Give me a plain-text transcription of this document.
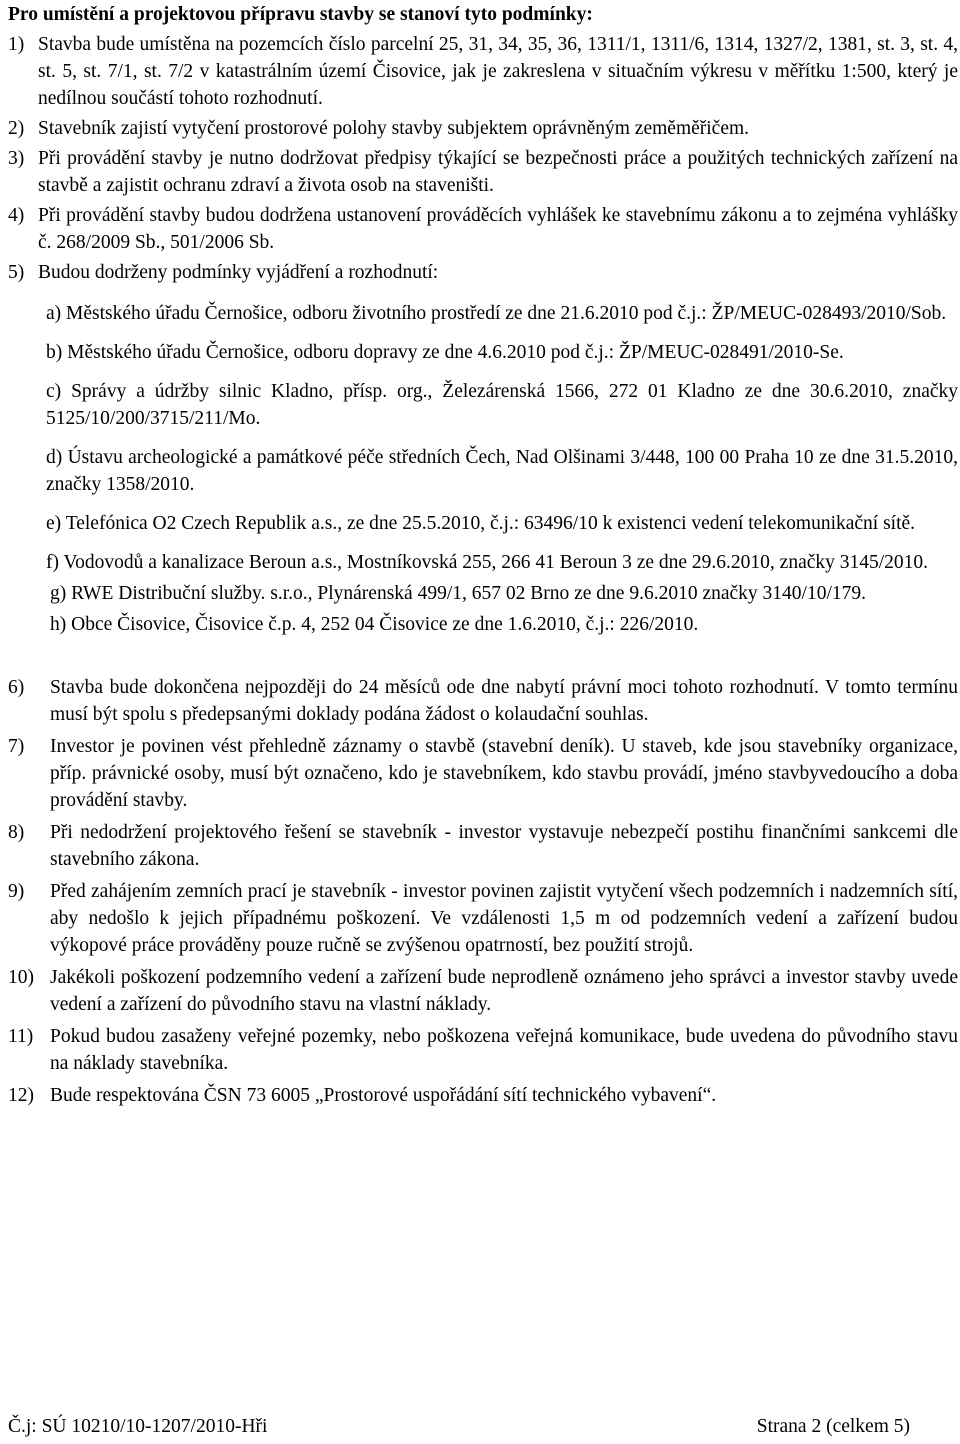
Pro umístění a projektovou přípravu stavby se stanoví tyto podmínky:

1) Stavba bude umístěna na pozemcích číslo parcelní 25, 31, 34, 35, 36, 1311/1, 1311/6, 1314, 1327/2, 1381, st. 3, st. 4, st. 5, st. 7/1, st. 7/2 v katastrálním území Čisovice, jak je zakreslena v situačním výkresu v měřítku 1:500, který je nedílnou součástí tohoto rozhodnutí.
2) Stavebník zajistí vytyčení prostorové polohy stavby subjektem oprávněným zeměměřičem.
3) Při provádění stavby je nutno dodržovat předpisy týkající se bezpečnosti práce a použitých technických zařízení na stavbě a zajistit ochranu zdraví a života osob na staveništi.
4) Při provádění stavby budou dodržena ustanovení prováděcích vyhlášek ke stavebnímu zákonu a to zejména vyhlášky č. 268/2009 Sb., 501/2006 Sb.
5) Budou dodrženy podmínky vyjádření a rozhodnutí:
a) Městského úřadu Černošice, odboru životního prostředí ze dne 21.6.2010 pod č.j.: ŽP/MEUC-028493/2010/Sob.
b) Městského úřadu Černošice, odboru dopravy ze dne 4.6.2010 pod č.j.: ŽP/MEUC-028491/2010-Se.
c) Správy a údržby silnic Kladno, přísp. org., Železárenská 1566, 272 01 Kladno ze dne 30.6.2010, značky 5125/10/200/3715/211/Mo.
d) Ústavu archeologické a památkové péče středních Čech, Nad Olšinami 3/448, 100 00 Praha 10 ze dne 31.5.2010, značky 1358/2010.
e) Telefónica O2 Czech Republik a.s., ze dne 25.5.2010, č.j.: 63496/10 k existenci vedení telekomunikační sítě.
f) Vodovodů a kanalizace Beroun a.s., Mostníkovská 255, 266 41 Beroun 3 ze dne 29.6.2010, značky 3145/2010.
g) RWE Distribuční služby. s.r.o., Plynárenská 499/1, 657 02 Brno ze dne 9.6.2010 značky 3140/10/179.
h) Obce Čisovice, Čisovice č.p. 4, 252 04 Čisovice ze dne 1.6.2010, č.j.: 226/2010.
6) Stavba bude dokončena nejpozději do 24 měsíců ode dne nabytí právní moci tohoto rozhodnutí. V tomto termínu musí být spolu s předepsanými doklady podána žádost o kolaudační souhlas.
7) Investor je povinen vést přehledně záznamy o stavbě (stavební deník). U staveb, kde jsou stavebníky organizace, příp. právnické osoby, musí být označeno, kdo je stavebníkem, kdo stavbu provádí, jméno stavbyvedoucího a doba provádění stavby.
8) Při nedodržení projektového řešení se stavebník - investor vystavuje nebezpečí postihu finančními sankcemi dle stavebního zákona.
9) Před zahájením zemních prací je stavebník - investor povinen zajistit vytyčení všech podzemních i nadzemních sítí, aby nedošlo k jejich případnému poškození. Ve vzdálenosti 1,5 m od podzemních vedení a zařízení budou výkopové práce prováděny pouze ručně se zvýšenou opatrností, bez použití strojů.
10) Jakékoli poškození podzemního vedení a zařízení bude neprodleně oznámeno jeho správci a investor stavby uvede vedení a zařízení do původního stavu na vlastní náklady.
11) Pokud budou zasaženy veřejné pozemky, nebo poškozena veřejná komunikace, bude uvedena do původního stavu na náklady stavebníka.
12) Bude respektována ČSN 73 6005 „Prostorové uspořádání sítí technického vybavení“.
Č.j: SÚ 10210/10-1207/2010-Hři	Strana 2 (celkem 5)
